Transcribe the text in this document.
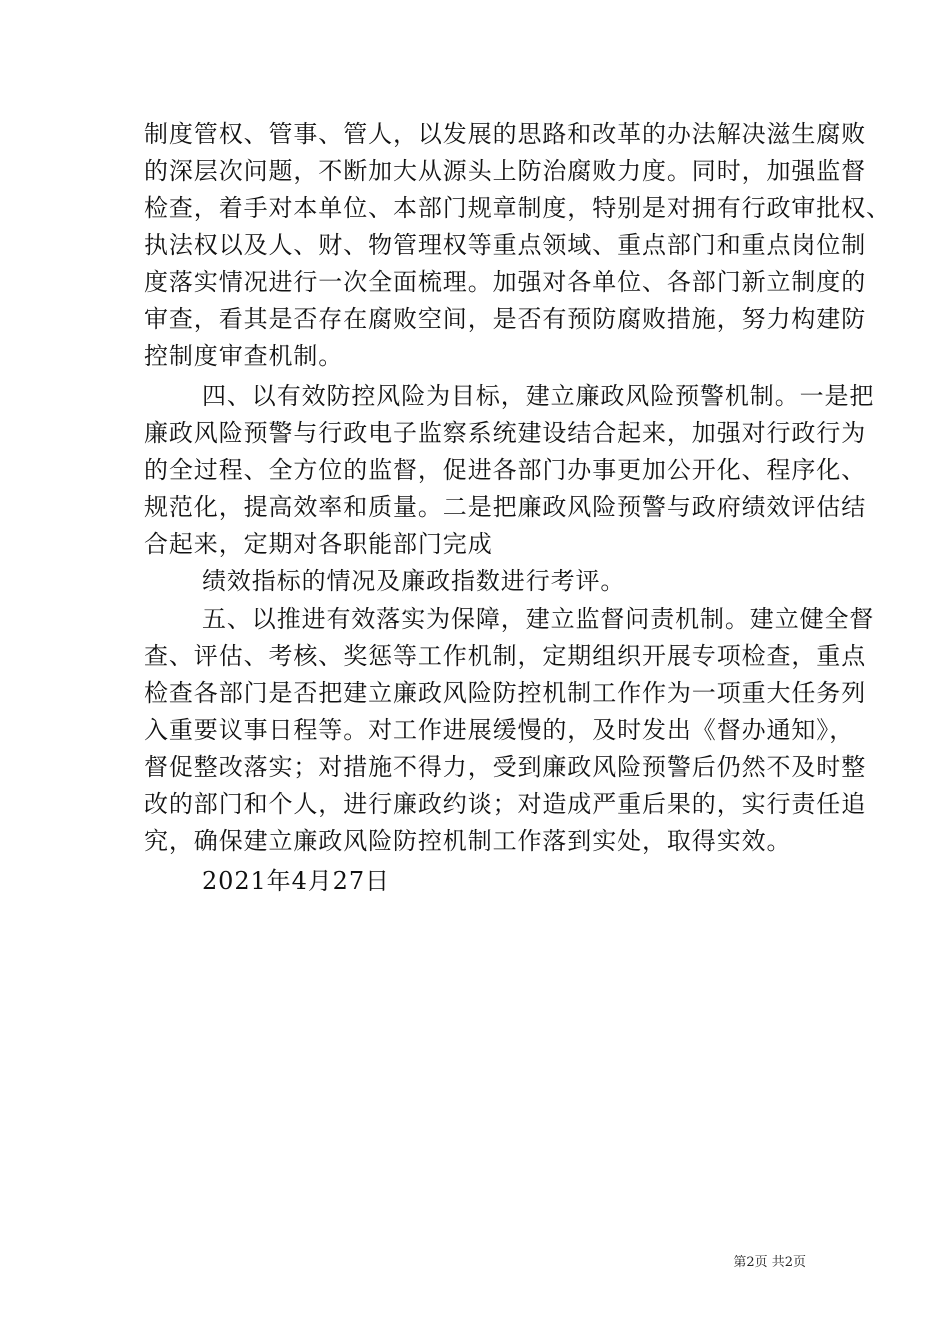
制度管权、管事、管人，以发展的思路和改革的办法解决滋生腐败
的深层次问题，不断加大从源头上防治腐败力度。同时，加强监督
检查，着手对本单位、本部门规章制度，特别是对拥有行政审批权、
执法权以及人、财、物管理权等重点领域、重点部门和重点岗位制
度落实情况进行一次全面梳理。加强对各单位、各部门新立制度的
审查，看其是否存在腐败空间，是否有预防腐败措施，努力构建防
控制度审查机制。
四、以有效防控风险为目标，建立廉政风险预警机制。一是把
廉政风险预警与行政电子监察系统建设结合起来，加强对行政行为
的全过程、全方位的监督，促进各部门办事更加公开化、程序化、
规范化，提高效率和质量。二是把廉政风险预警与政府绩效评估结
合起来，定期对各职能部门完成
绩效指标的情况及廉政指数进行考评。
五、以推进有效落实为保障，建立监督问责机制。建立健全督
查、评估、考核、奖惩等工作机制，定期组织开展专项检查，重点
检查各部门是否把建立廉政风险防控机制工作作为一项重大任务列
入重要议事日程等。对工作进展缓慢的，及时发出《督办通知》，
督促整改落实；对措施不得力，受到廉政风险预警后仍然不及时整
改的部门和个人，进行廉政约谈；对造成严重后果的，实行责任追
究，确保建立廉政风险防控机制工作落到实处，取得实效。
2021年4月27日
第2页 共2页
